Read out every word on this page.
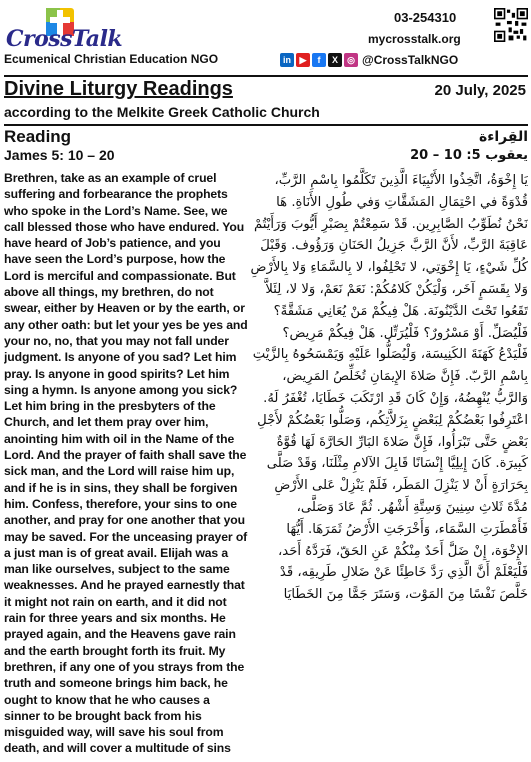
CrossTalk
Ecumenical Christian Education NGO
03-254310
mycrosstalk.org
in ▶	f	X	◎ @CrossTalkNGO
Divine Liturgy Readings	20 July, 2025
according to the Melkite Greek Catholic Church

Reading

James 5: 10 – 20

Brethren, take as an example of cruel suffering and forbearance the prophets who spoke in the Lord’s Name. See, we call blessed those who have endured. You have heard of Job’s patience, and you have seen the Lord’s purpose, how the Lord is merciful and compassionate. But above all things, my brethren, do not swear, either by Heaven or by the earth, or any other oath: but let your yes be yes and your no, no, that you may not fall under judgment. Is anyone of you sad? Let him pray. Is anyone in good spirits? Let him sing a hymn. Is anyone among you sick? Let him bring in the presbyters of the Church, and let them pray over him, anointing him with oil in the Name of the Lord. And the prayer of faith shall save the sick man, and the Lord will raise him up, and if he is in sins, they shall be forgiven him. Confess, therefore, your sins to one another, and pray for one another that you may be saved. For the unceasing prayer of a just man is of great avail. Elijah was a man like ourselves, subject to the same weaknesses. And he prayed earnestly that it might not rain on earth, and it did not rain for three years and six months. He prayed again, and the Heavens gave rain and the earth brought forth its fruit. My brethren, if any one of you strays from the truth and someone brings him back, he ought to know that he who causes a sinner to be brought back from his misguided way, will save his soul from death, and will cover a multitude of sins

القِراءة

يعقوب 5: 10 – 20

يَا إِخْوَةُ، اتَّخِذُوا الأَنْبِيَاءَ الَّذِينَ تَكَلَّمُوا بِاسْمِ الرَّبِّ، قُدْوَةً في احْتِمَالِ المَشَقَّاتِ وَفي طُولِ الأَنَاةِ. هَا نَحْنُ نُطَوِّبُ الصَّابِرِين. قَدْ سَمِعْتُمْ بِصَبْرِ أَيُّوبَ وَرَأَيْتُمْ عَاقِبَةَ الرَّبِّ، لأَنَّ الرَّبَّ جَزِيلُ الحَنَانِ وَرَؤُوف. وَقَبْلَ كُلِّ شَيْءٍ، يَا إِخْوَتِي، لا تَحْلِفُوا، لا بِالسَّمَاءِ وَلا بِالأَرْضِ وَلا بِقَسَمٍ آخَر، وَلْيَكُنْ كَلامُكُمْ: نَعَمْ نَعَمْ، وَلا لا، لِئَلاَّ تَقَعُوا تَحْتَ الدَّيْنُونَة. هَلْ فِيكُمْ مَنْ يُعَانِي مَشَقَّةً؟ فَلْيُصَلِّ. أَوْ مَسْرُورٌ؟ فَلْيُرَتِّل. هَلْ فِيكُمْ مَرِيض؟ فَلْيَدْعُ كَهَنَةَ الكَنِيسَة، وَلْيُصَلُّوا عَلَيْهِ وَيَمْسَحُوهُ بِالزَّيْتِ بِاسْمِ الرَّبّ. فَإِنَّ صَلاةَ الإِيمَانِ تُخَلِّصُ المَرِيض، وَالرَّبُّ يُنْهِضُهُ، وَإِنْ كَانَ قَدِ ارْتَكَبَ خَطَايَا، تُغْفَرُ لَهُ. اعْتَرِفُوا بَعْضُكُمْ لِبَعْضٍ بِزَلاَّتِكُم، وَصَلُّوا بَعْضُكُمْ لأَجْلِ بَعْضٍ حَتَّى تَبْرَأُوا، فَإِنَّ صَلاةَ البَارِّ الحَارَّةَ لَهَا قُوَّةٌ كَبِيرَة. كَانَ إِيلِيَّا إِنْسَانًا قَابِلَ الآلامِ مِثْلَنَا، وَقَدْ صَلَّى بِحَرَارَةٍ أَنْ لا يَنْزِلَ المَطَر، فَلَمْ يَنْزِلْ عَلى الأَرْضِ مُدَّةَ ثَلاثِ سِنِينَ وَسِتَّةِ أَشْهُر. ثُمَّ عَادَ وَصَلَّى، فَأَمْطَرَتِ السَّمَاء، وَأَخْرَجَتِ الأَرْضُ ثَمَرَهَا. أَيُّهَا الإِخْوَة، إِنْ ضَلَّ أَحَدٌ مِنْكُمْ عَنِ الحَقّ، فَرَدَّهُ أَحَد، فَلْيَعْلَمْ أَنَّ الَّذِي رَدَّ خَاطِئًا عَنْ ضَلالِ طَرِيقِه، قَدْ خَلَّصَ نَفْسًا مِنَ المَوْت، وَسَتَرَ جَمًّا مِنَ الخَطَايَا
